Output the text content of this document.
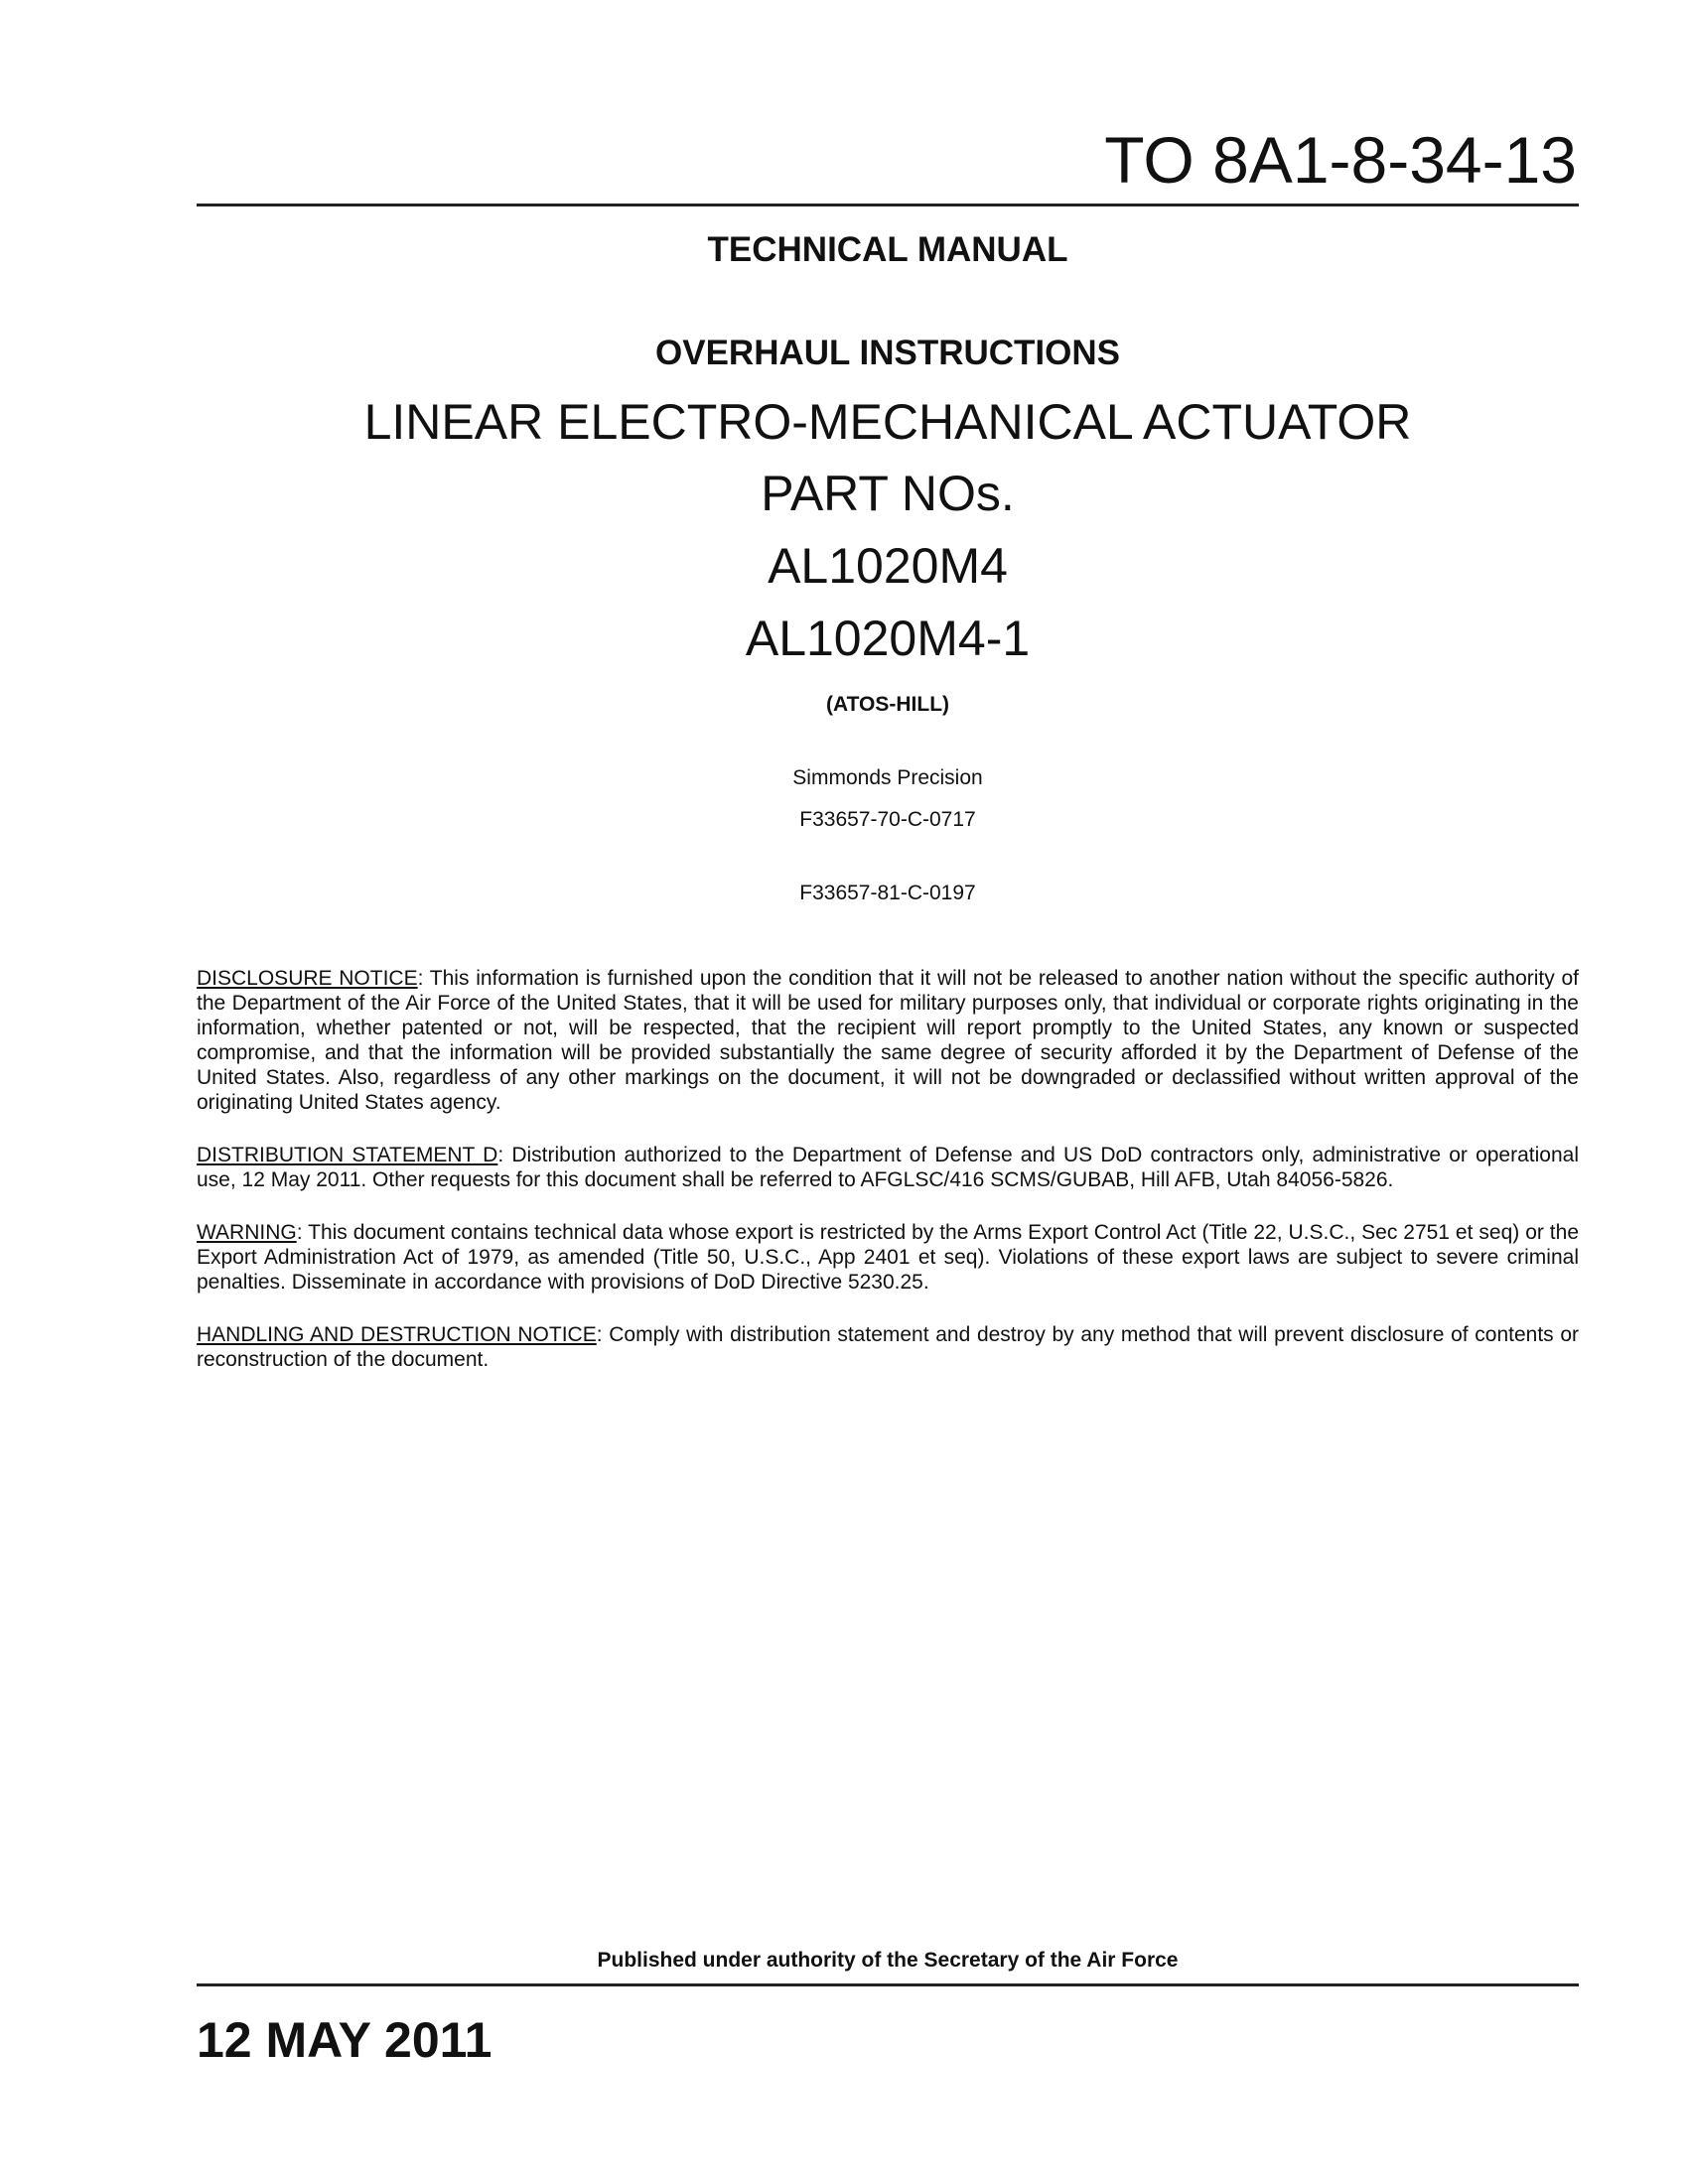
TO 8A1-8-34-13
TECHNICAL MANUAL
OVERHAUL INSTRUCTIONS
LINEAR ELECTRO-MECHANICAL ACTUATOR
PART NOs.
AL1020M4
AL1020M4-1
(ATOS-HILL)
Simmonds Precision
F33657-70-C-0717
F33657-81-C-0197

DISCLOSURE NOTICE: This information is furnished upon the condition that it will not be released to another nation without the specific authority of the Department of the Air Force of the United States, that it will be used for military purposes only, that individual or corporate rights originating in the information, whether patented or not, will be respected, that the recipient will report promptly to the United States, any known or suspected compromise, and that the information will be provided substantially the same degree of security afforded it by the Department of Defense of the United States. Also, regardless of any other markings on the document, it will not be downgraded or declassified without written approval of the originating United States agency.

DISTRIBUTION STATEMENT D: Distribution authorized to the Department of Defense and US DoD contractors only, administrative or operational use, 12 May 2011. Other requests for this document shall be referred to AFGLSC/416 SCMS/GUBAB, Hill AFB, Utah 84056-5826.

WARNING: This document contains technical data whose export is restricted by the Arms Export Control Act (Title 22, U.S.C., Sec 2751 et seq) or the Export Administration Act of 1979, as amended (Title 50, U.S.C., App 2401 et seq). Violations of these export laws are subject to severe criminal penalties. Disseminate in accordance with provisions of DoD Directive 5230.25.

HANDLING AND DESTRUCTION NOTICE: Comply with distribution statement and destroy by any method that will prevent disclosure of contents or reconstruction of the document.

Published under authority of the Secretary of the Air Force
12 MAY 2011
